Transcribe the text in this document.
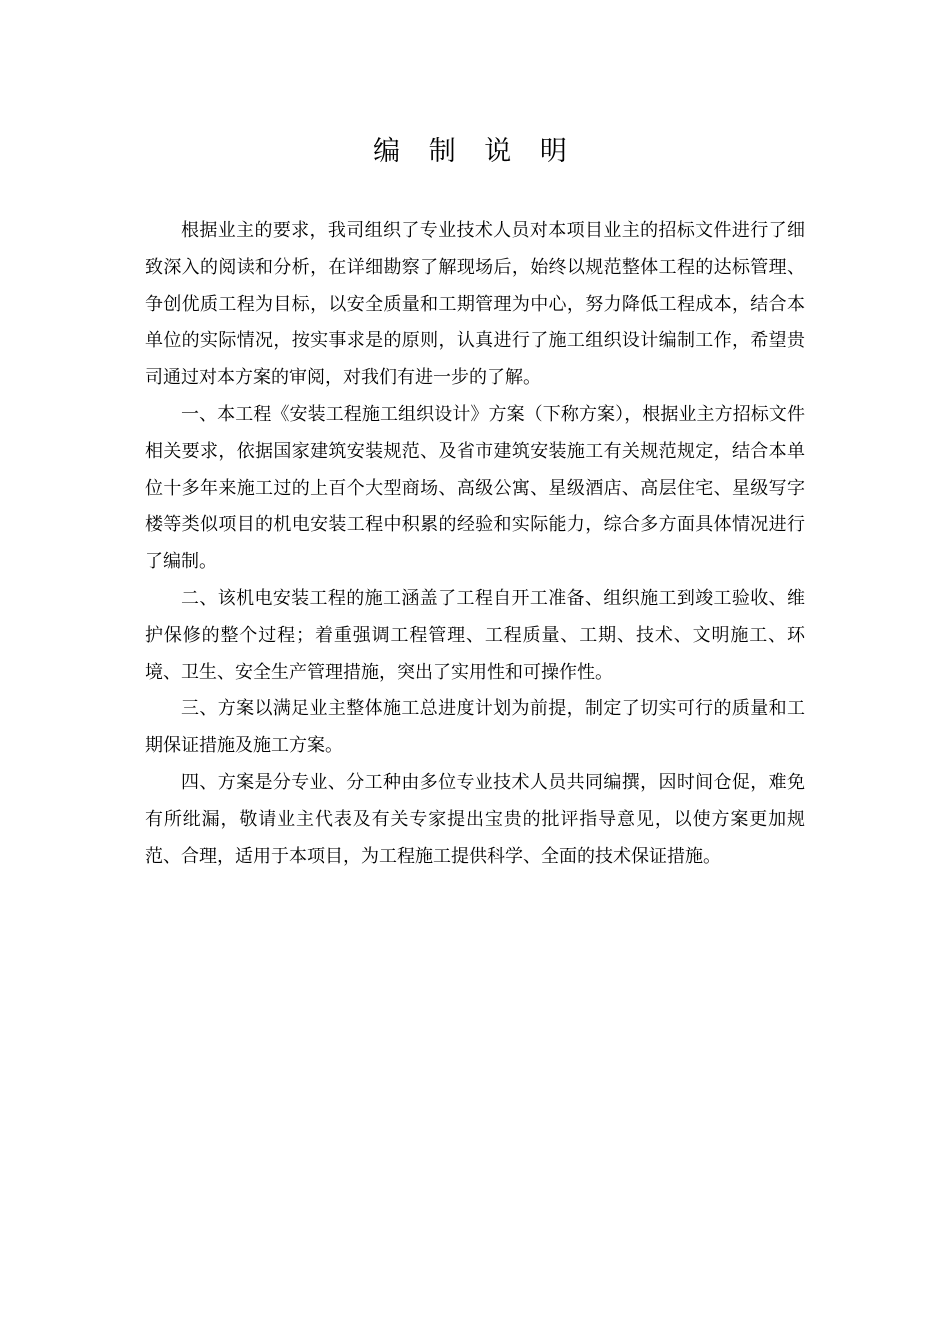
编 制 说 明

根据业主的要求，我司组织了专业技术人员对本项目业主的招标文件进行了细致深入的阅读和分析，在详细勘察了解现场后，始终以规范整体工程的达标管理、争创优质工程为目标，以安全质量和工期管理为中心，努力降低工程成本，结合本单位的实际情况，按实事求是的原则，认真进行了施工组织设计编制工作，希望贵司通过对本方案的审阅，对我们有进一步的了解。

一、本工程《安装工程施工组织设计》方案（下称方案），根据业主方招标文件相关要求，依据国家建筑安装规范、及省市建筑安装施工有关规范规定，结合本单位十多年来施工过的上百个大型商场、高级公寓、星级酒店、高层住宅、星级写字楼等类似项目的机电安装工程中积累的经验和实际能力，综合多方面具体情况进行了编制。

二、该机电安装工程的施工涵盖了工程自开工准备、组织施工到竣工验收、维护保修的整个过程；着重强调工程管理、工程质量、工期、技术、文明施工、环境、卫生、安全生产管理措施，突出了实用性和可操作性。

三、方案以满足业主整体施工总进度计划为前提，制定了切实可行的质量和工期保证措施及施工方案。

四、方案是分专业、分工种由多位专业技术人员共同编撰，因时间仓促，难免有所纰漏，敬请业主代表及有关专家提出宝贵的批评指导意见，以使方案更加规范、合理，适用于本项目，为工程施工提供科学、全面的技术保证措施。
